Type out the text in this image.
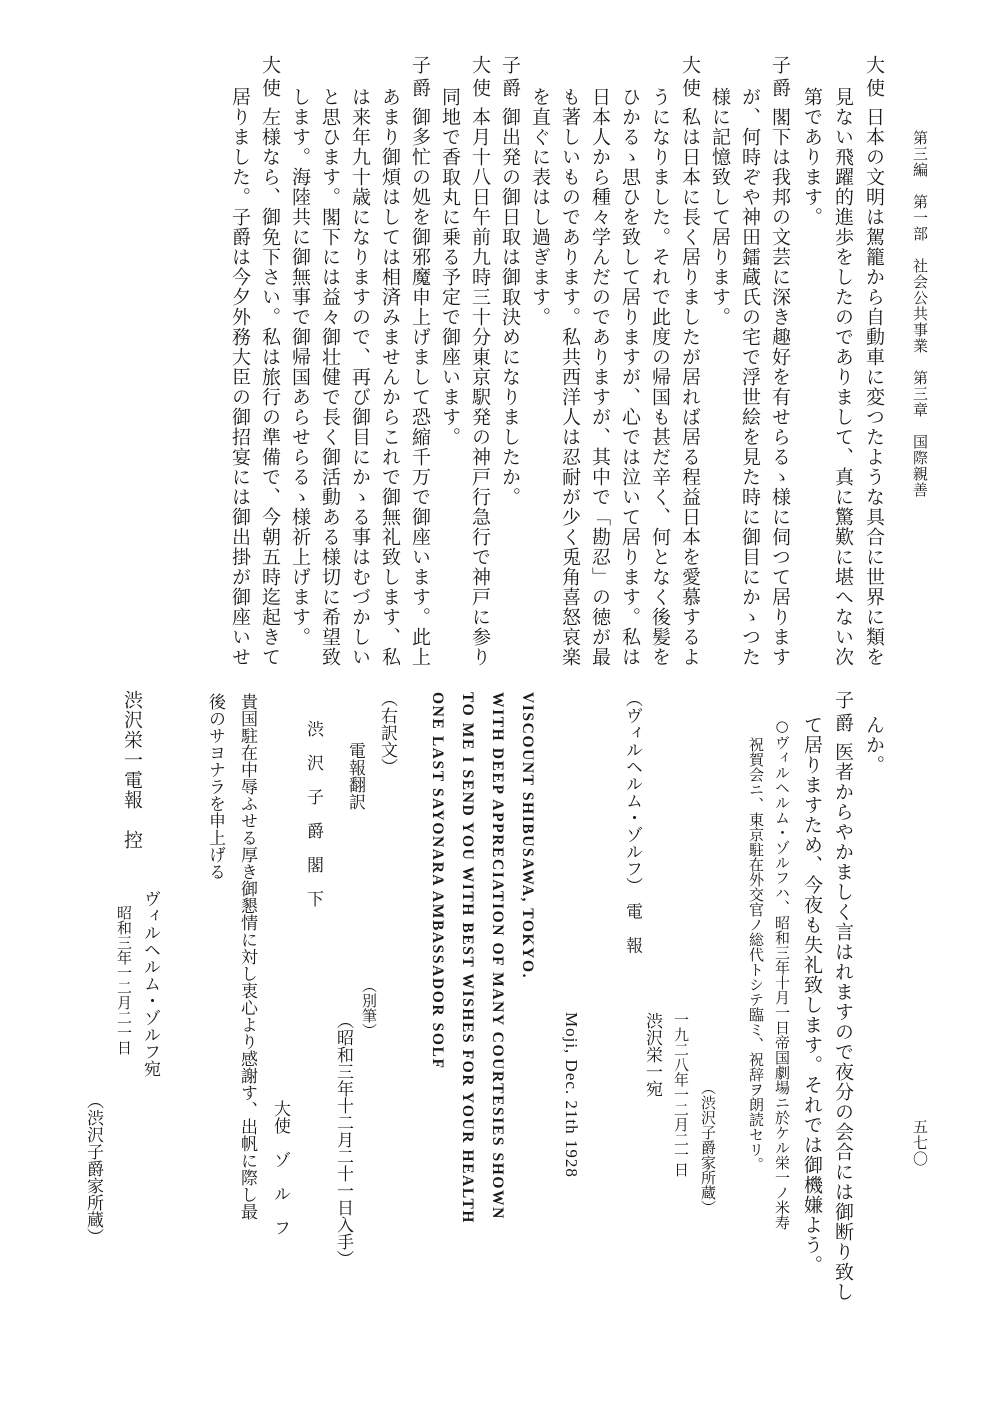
第三編　第一部　社会公共事業　第三章　国際親善
五七〇
大使
日本の文明は駕籠から自動車に変つたような具合に世界に類を
見ない飛躍的進歩をしたのでありまして、真に驚歎に堪へない次
第であります。
子爵
閣下は我邦の文芸に深き趣好を有せらるゝ様に伺つて居ります
が、何時ぞや神田鐳蔵氏の宅で浮世絵を見た時に御目にかゝつた
様に記憶致して居ります。
大使
私は日本に長く居りましたが居れば居る程益日本を愛慕するよ
うになりました。それで此度の帰国も甚だ辛く、何となく後髪を
ひかるゝ思ひを致して居りますが、心では泣いて居ります。私は
日本人から種々学んだのでありますが、其中で「勘忍」の徳が最
も著しいものであります。私共西洋人は忍耐が少く兎角喜怒哀楽
を直ぐに表はし過ぎます。
子爵
御出発の御日取は御取決めになりましたか。
大使
本月十八日午前九時三十分東京駅発の神戸行急行で神戸に参り
同地で香取丸に乗る予定で御座います。
子爵
御多忙の処を御邪魔申上げまして恐縮千万で御座います。此上
あまり御煩はしては相済みませんからこれで御無礼致します、私
は来年九十歳になりますので、再び御目にかゝる事はむづかしい
と思ひます。閣下には益々御壮健で長く御活動ある様切に希望致
します。海陸共に御無事で御帰国あらせらるゝ様祈上げます。
大使
左様なら、御免下さい。私は旅行の準備で、今朝五時迄起きて
居りました。子爵は今夕外務大臣の御招宴には御出掛が御座いせ
んか。
子爵
医者からやかましく言はれますので夜分の会合には御断り致し
て居りますため、今夜も失礼致します。それでは御機嫌よう。
○ヴィルヘルム・ゾルフハ、昭和三年十月一日帝国劇場ニ於ケル栄一ノ米寿
祝賀会ニ、東京駐在外交官ノ総代トシテ臨ミ、祝辞ヲ朗読セリ。
（ヴィルヘルム・ゾルフ）　電　報
渋沢栄一宛 一九二八年一二月二一日 （渋沢子爵家所蔵）
Moji, Dec. 21th 1928
VISCOUNT SHIBUSAWA, TOKYO.
WITH DEEP APPRECIATION OF MANY COURTESIES SHOWN
TO ME I SEND YOU WITH BEST WISHES FOR YOUR HEALTH
ONE LAST SAYONARA AMBASSADOR SOLF
（右訳文）
電報翻訳
（別筆）
（昭和三年十二月二十一日入手）
渋　沢　子　爵　閣　下
大使　ゾ　ル　フ
貴国駐在中辱ふせる厚き御懇情に対し衷心より感謝す、出帆に際し最
後のサヨナラを申上げる
渋沢栄一電報　控
ヴィルヘルム・ゾルフ宛
昭和三年一二月二一日
（渋沢子爵家所蔵）
